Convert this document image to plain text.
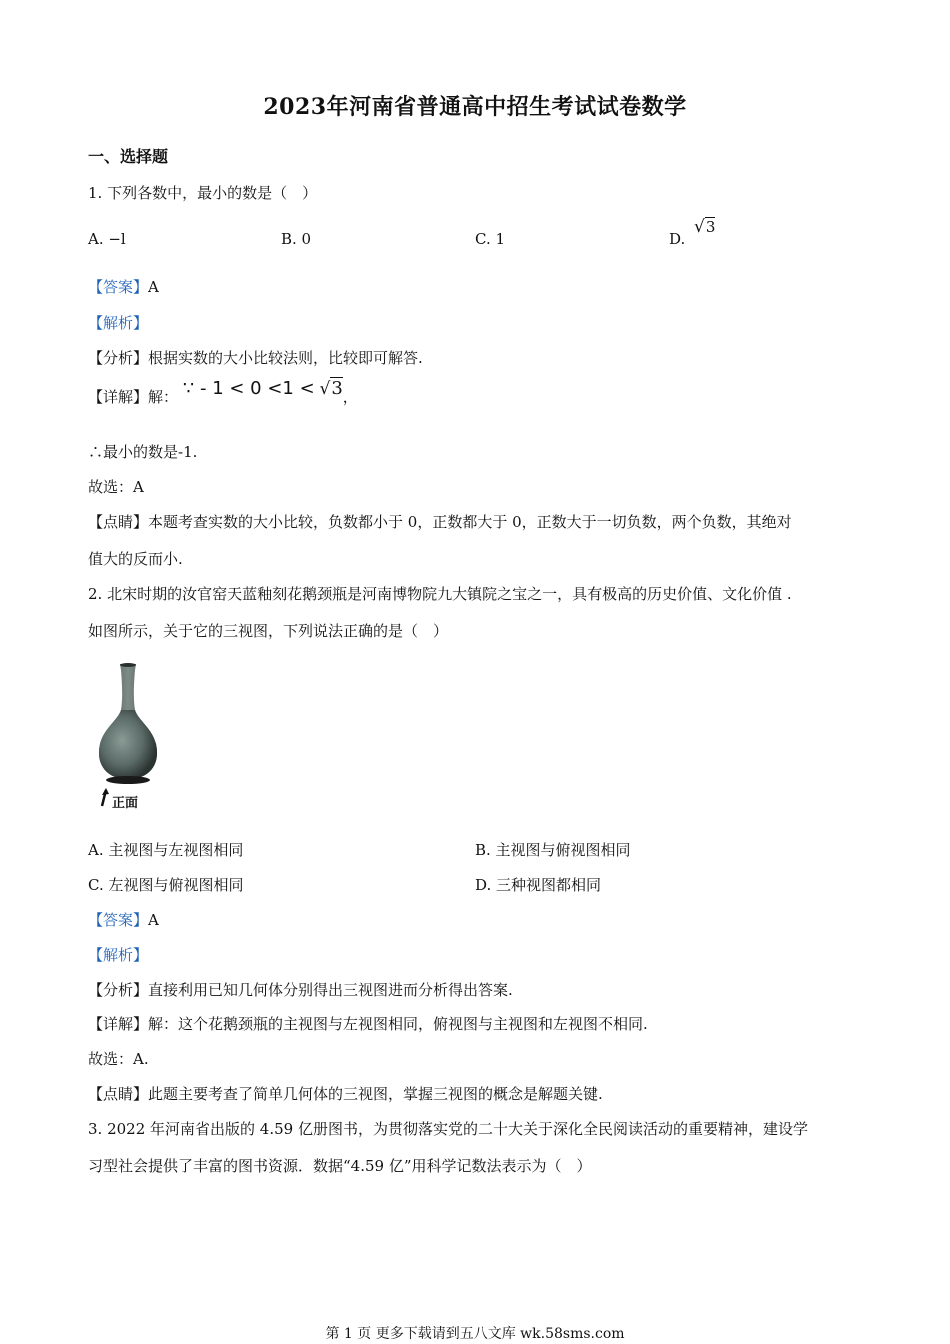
2023年河南省普通高中招生考试试卷数学
一、选择题
1. 下列各数中，最小的数是（　）
A. −l	B. 0	C. 1	D. √3
【答案】A
【解析】
【分析】根据实数的大小比较法则，比较即可解答.
【详解】解： ∵ - 1 < 0 <1 < √3，
∴最小的数是-1.
故选：A
【点睛】本题考查实数的大小比较，负数都小于 0，正数都大于 0，正数大于一切负数，两个负数，其绝对
值大的反而小.
2. 北宋时期的汝官窑天蓝釉刻花鹅颈瓶是河南博物院九大镇院之宝之一，具有极高的历史价值、文化价值 .
如图所示，关于它的三视图，下列说法正确的是（　）
正面
A. 主视图与左视图相同	B. 主视图与俯视图相同
C. 左视图与俯视图相同	D. 三种视图都相同
【答案】A
【解析】
【分析】直接利用已知几何体分别得出三视图进而分析得出答案.
【详解】解：这个花鹅颈瓶的主视图与左视图相同，俯视图与主视图和左视图不相同.
故选：A.
【点睛】此题主要考查了简单几何体的三视图，掌握三视图的概念是解题关键.
3. 2022 年河南省出版的 4.59 亿册图书，为贯彻落实党的二十大关于深化全民阅读活动的重要精神，建设学
习型社会提供了丰富的图书资源．数据“4.59 亿”用科学记数法表示为（　）
第 1 页 更多下载请到五八文库 wk.58sms.com
